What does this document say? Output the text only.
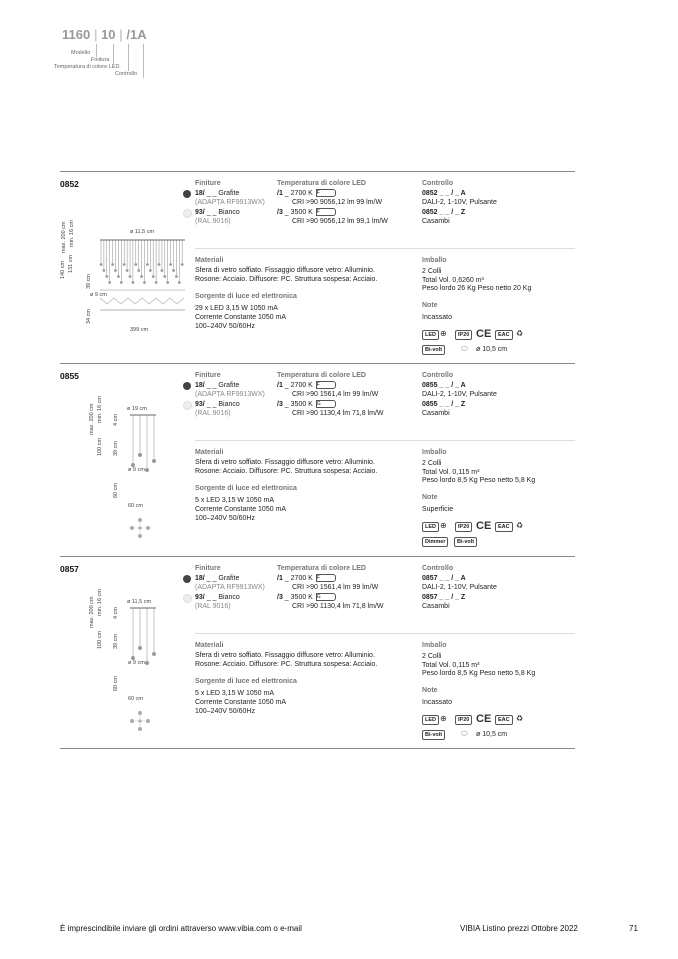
1160 | 10 | /1A
Modello
Finitura
Temperatura di colore LED
Controllo
0852	Finiture
18/ _ _ Grafite
(ADAPTA RF9913WX)
93/ _ _ Bianco
(RAL 9016)
Temperatura di colore LED
/1 _ 2700 K F
CRI >90 9056,12 lm 99 lm/W
/3 _ 3500 K F
CRI >90 9056,12 lm 99,1 lm/W
Controllo
0852 _ _ / _ A
DALI-2, 1-10V, Pulsante
0852 _ _ / _ Z
Casambi
Materiali
Sfera di vetro soffiato. Fissaggio diffusore vetro: Alluminio.
Rosone: Acciaio. Diffusore: PC. Struttura sospesa: Acciaio.
Sorgente di luce ed elettronica
29 x LED 3,15 W 1050 mA
Corrente Constante 1050 mA
100–240V 50/60Hz
Imballo
2 Colli
Total Vol. 0,6260 m³
Peso lordo 26 Kg Peso netto 20 Kg
Note
Incassato
LED ⊕	IP20 CE	EAC ♻
Bi-volt	⬭ ø 10,5 cm
ø 11,5 cm
ø 9 cm
399 cm
140 cm 131 cm
max. 200 cm min. 16 cm
39 cm
34 cm
0855	Finiture
18/ _ _ Grafite
(ADAPTA RF9913WX)
93/ _ _ Bianco
(RAL 9016)
Temperatura di colore LED
/1 _ 2700 K F
CRI >90 1561,4 lm 99 lm/W
/3 _ 3500 K G
CRI >90 1130,4 lm 71,8 lm/W
Controllo
0855 _ _ / _ A
DALI-2, 1-10V, Pulsante
0855 _ _ / _ Z
Casambi
Materiali
Sfera di vetro soffiato. Fissaggio diffusore vetro: Alluminio.
Rosone: Acciaio. Diffusore: PC. Struttura sospesa: Acciaio.
Sorgente di luce ed elettronica
5 x LED 3,15 W 1050 mA
Corrente Constante 1050 mA
100–240V 50/60Hz
Imballo
2 Colli
Total Vol. 0,115 m³
Peso lordo 8,5 Kg Peso netto 5,8 Kg
Note
Superficie
LED ⊕	IP20 CE	EAC ♻
Dimmer	Bi-volt
ø 19 cm
ø 9 cm
60 cm
max. 200 cm min. 16 cm
100 cm 39 cm
4 cm
60 cm
0857	Finiture
18/ _ _ Grafite
(ADAPTA RF9913WX)
93/ _ _ Bianco
(RAL 9016)
Temperatura di colore LED
/1 _ 2700 K F
CRI >90 1561,4 lm 99 lm/W
/3 _ 3500 K G
CRI >90 1130,4 lm 71,8 lm/W
Controllo
0857 _ _ / _ A
DALI-2, 1-10V, Pulsante
0857 _ _ / _ Z
Casambi
Materiali
Sfera di vetro soffiato. Fissaggio diffusore vetro: Alluminio.
Rosone: Acciaio. Diffusore: PC. Struttura sospesa: Acciaio.
Sorgente di luce ed elettronica
5 x LED 3,15 W 1050 mA
Corrente Constante 1050 mA
100–240V 50/60Hz
Imballo
2 Colli
Total Vol. 0,115 m³
Peso lordo 8,5 Kg Peso netto 5,8 Kg
Note
Incassato
LED ⊕	IP20 CE	EAC ♻
Bi-volt	⬭ ø 10,5 cm
ø 11,5 cm
ø 9 cm
60 cm
max. 200 cm min. 16 cm
100 cm 39 cm
4 cm
60 cm
È imprescindibile inviare gli ordini attraverso www.vibia.com o e-mail	VIBIA Listino prezzi Ottobre 2022	71
